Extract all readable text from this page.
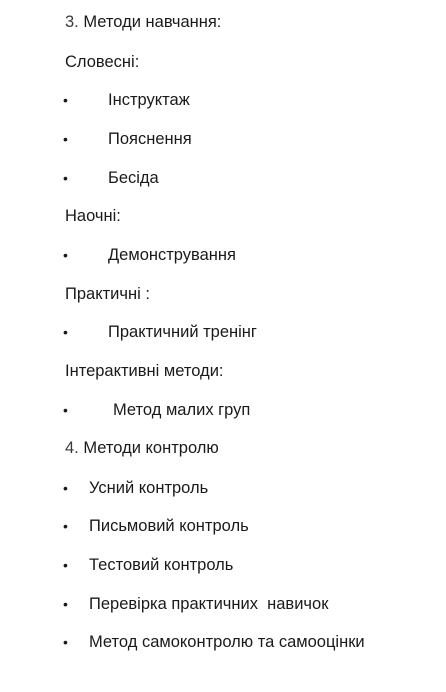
3. Методи навчання:
Словесні:
• Інструктаж
• Пояснення
• Бесіда
Наочні:
• Демонстрування
Практичні :
• Практичний тренінг
Інтерактивні методи:
•	Метод малих груп
4. Методи контролю
• Усний контроль
• Письмовий контроль
• Тестовий контроль
• Перевірка практичних  навичок
• Метод самоконтролю та самооцінки
